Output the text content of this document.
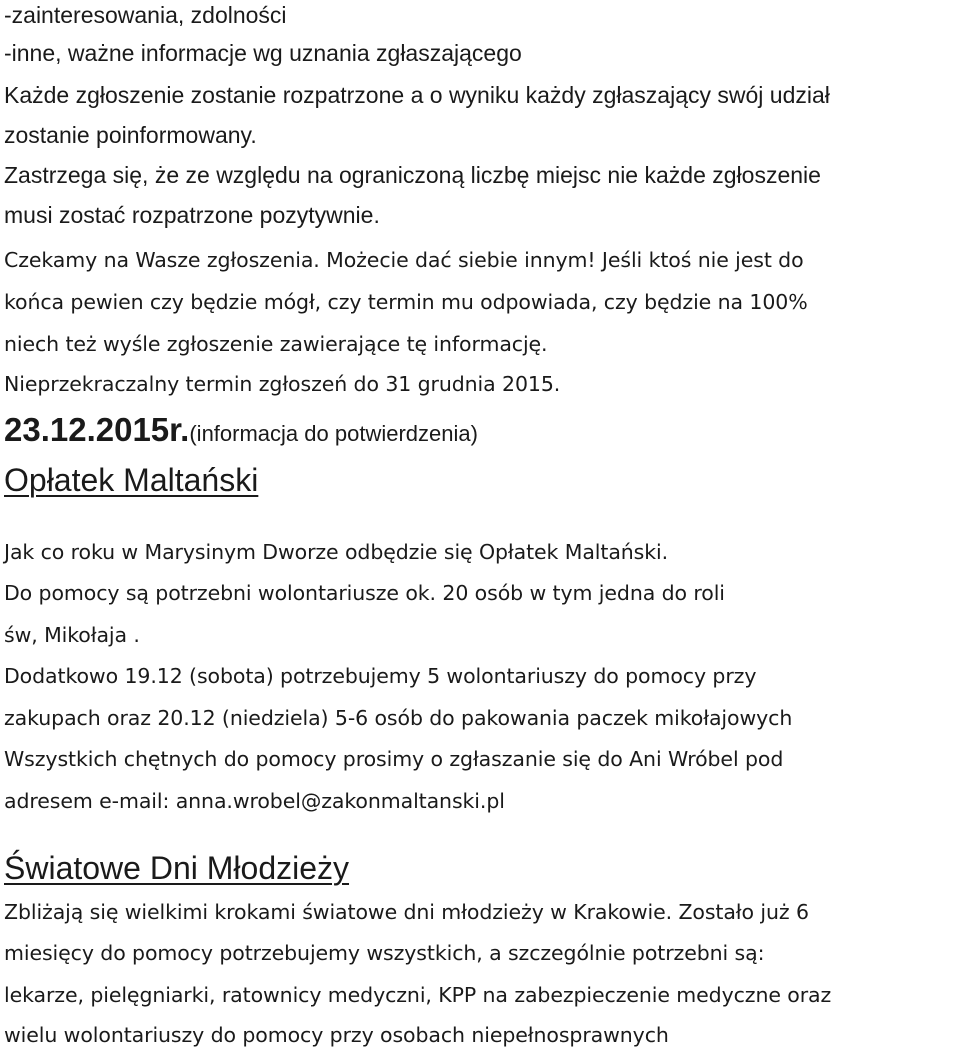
-zainteresowania, zdolności
-inne, ważne informacje wg uznania zgłaszającego
Każde zgłoszenie zostanie rozpatrzone a o wyniku każdy zgłaszający swój udział
zostanie poinformowany.
Zastrzega się, że ze względu na ograniczoną liczbę miejsc nie każde zgłoszenie
musi zostać rozpatrzone pozytywnie.
Czekamy na Wasze zgłoszenia. Możecie dać siebie innym! Jeśli ktoś nie jest do
końca pewien czy będzie mógł, czy termin mu odpowiada, czy będzie na 100%
niech też wyśle zgłoszenie zawierające tę informację.
Nieprzekraczalny termin zgłoszeń do 31 grudnia 2015.
23.12.2015r.(informacja do potwierdzenia)
Opłatek Maltański
Jak co roku w Marysinym Dworze odbędzie się Opłatek Maltański.
Do pomocy są potrzebni wolontariusze ok. 20 osób w tym jedna do roli
św, Mikołaja .
Dodatkowo 19.12 (sobota) potrzebujemy 5 wolontariuszy do pomocy przy
zakupach oraz 20.12 (niedziela) 5-6 osób do pakowania paczek mikołajowych
Wszystkich chętnych do pomocy prosimy o zgłaszanie się do Ani Wróbel pod
adresem e-mail: anna.wrobel@zakonmaltanski.pl
Światowe Dni Młodzieży
Zbliżają się wielkimi krokami światowe dni młodzieży w Krakowie. Zostało już 6
miesięcy do pomocy potrzebujemy wszystkich, a szczególnie potrzebni są:
lekarze, pielęgniarki, ratownicy medyczni, KPP na zabezpieczenie medyczne oraz
wielu wolontariuszy do pomocy przy osobach niepełnosprawnych
